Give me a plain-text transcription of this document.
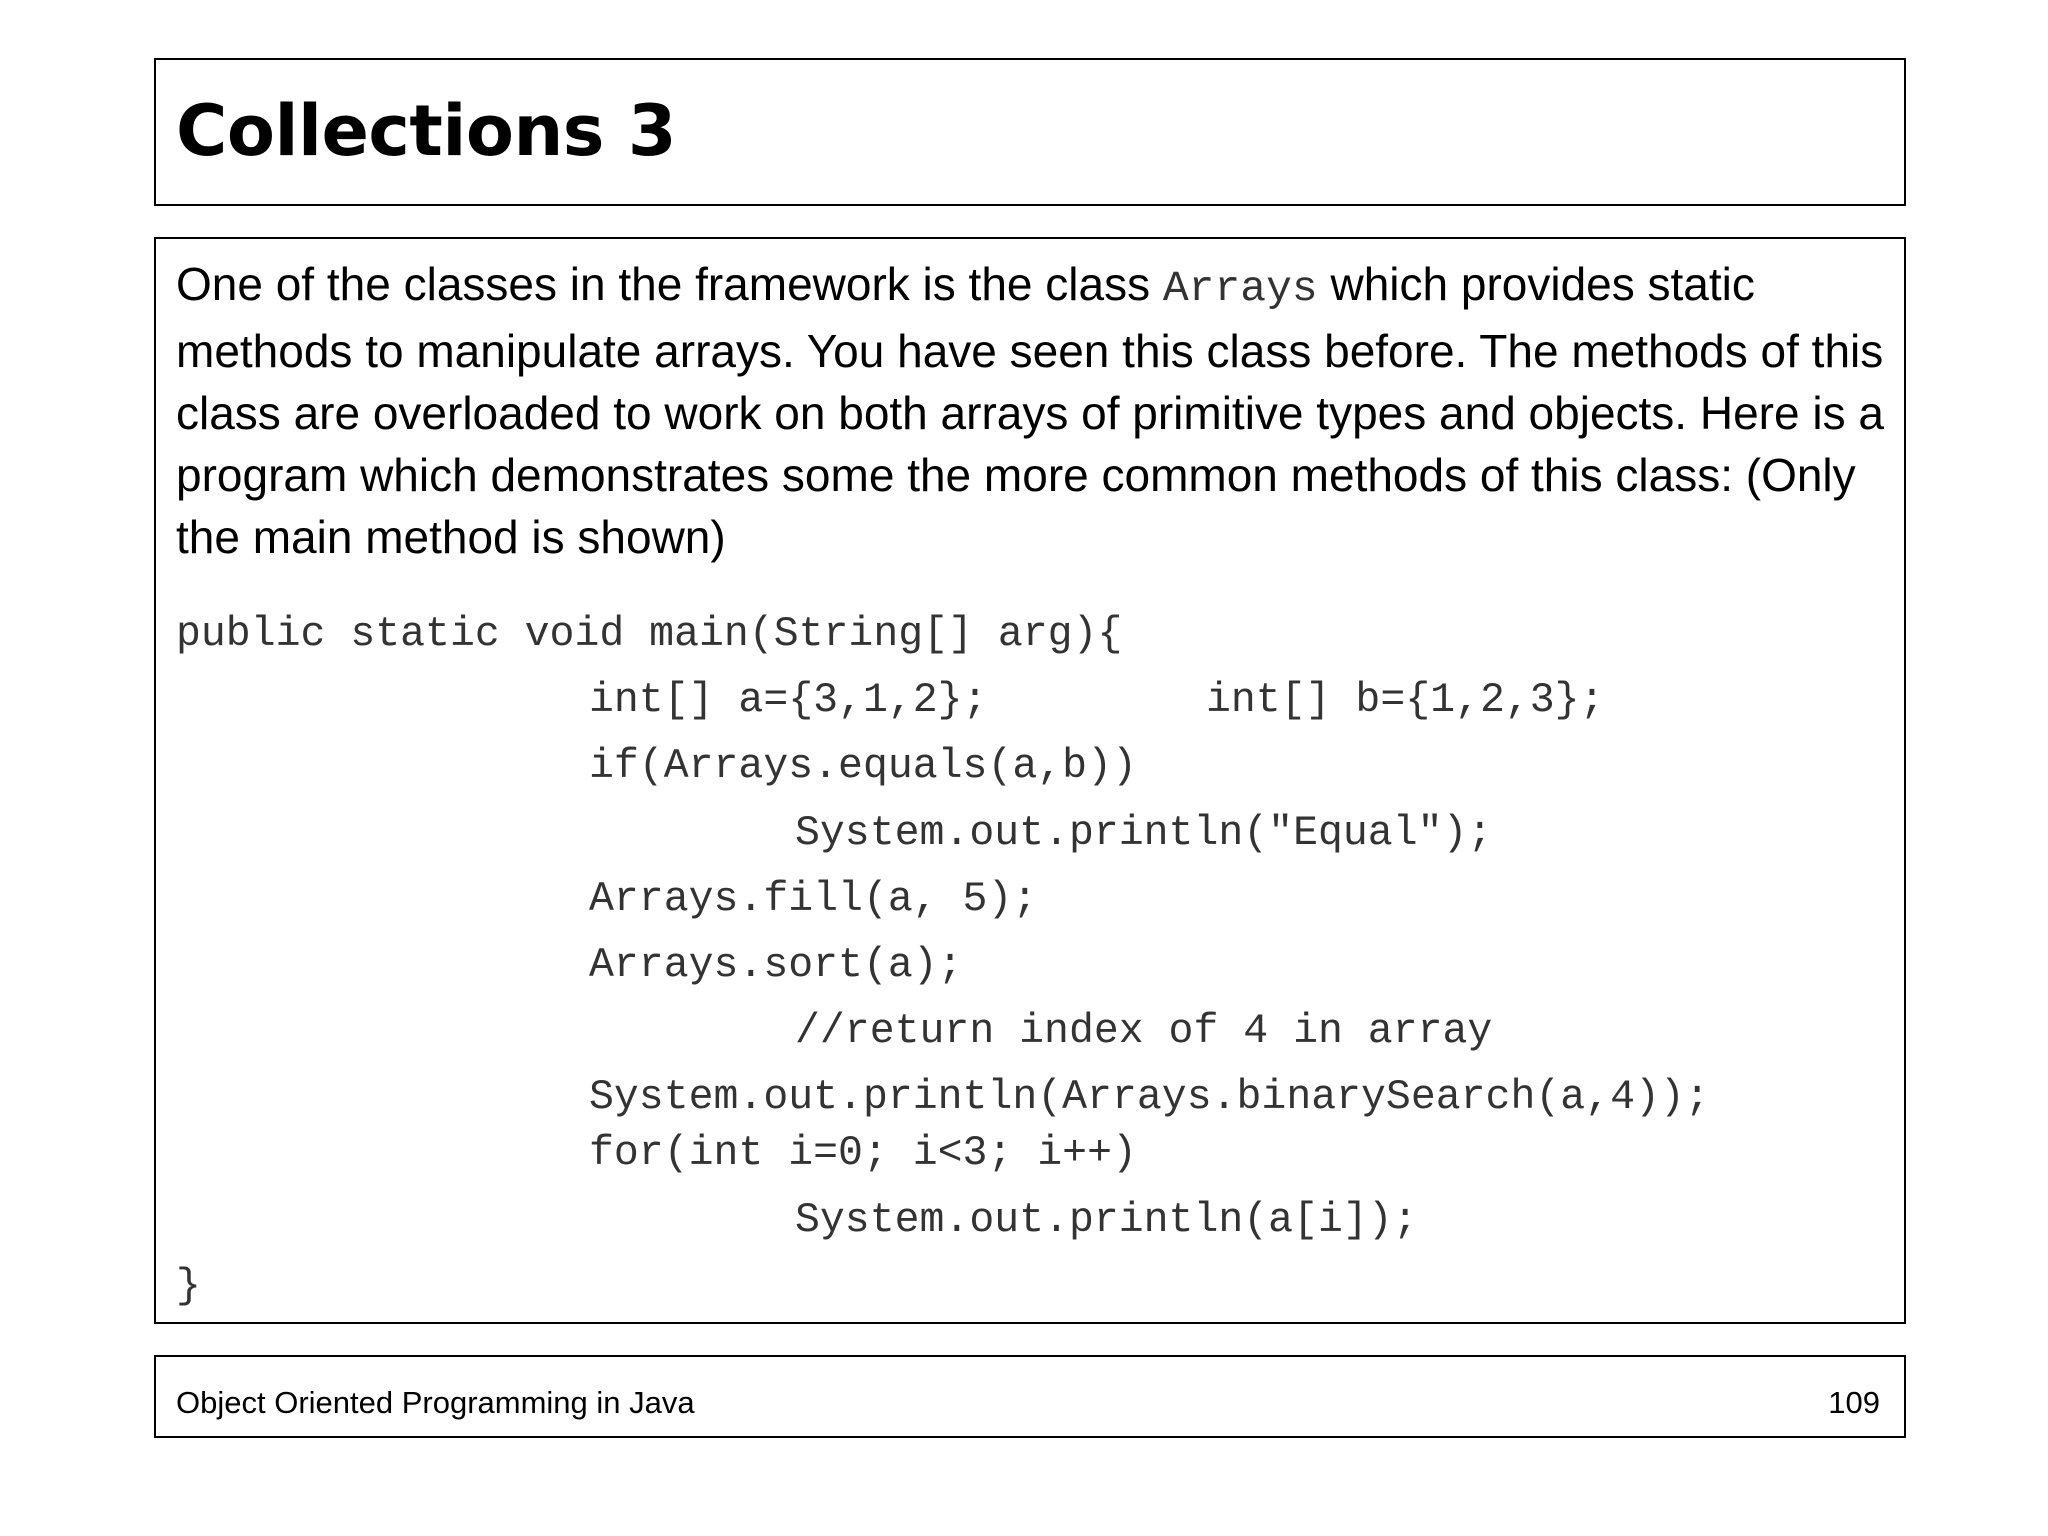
Collections 3

One of the classes in the framework is the class Arrays which provides static methods to manipulate arrays. You have seen this class before. The methods of this class are overloaded to work on both arrays of primitive types and objects. Here is a program which demonstrates some the more common methods of this class: (Only the main method is shown)

public static void main(String[] arg){
int[] a={3,1,2};	int[] b={1,2,3};
if(Arrays.equals(a,b))
System.out.println("Equal");
Arrays.fill(a, 5);
Arrays.sort(a);
//return index of 4 in array
System.out.println(Arrays.binarySearch(a,4));
for(int i=0; i<3; i++)
System.out.println(a[i]);
}
Object Oriented Programming in Java	109
